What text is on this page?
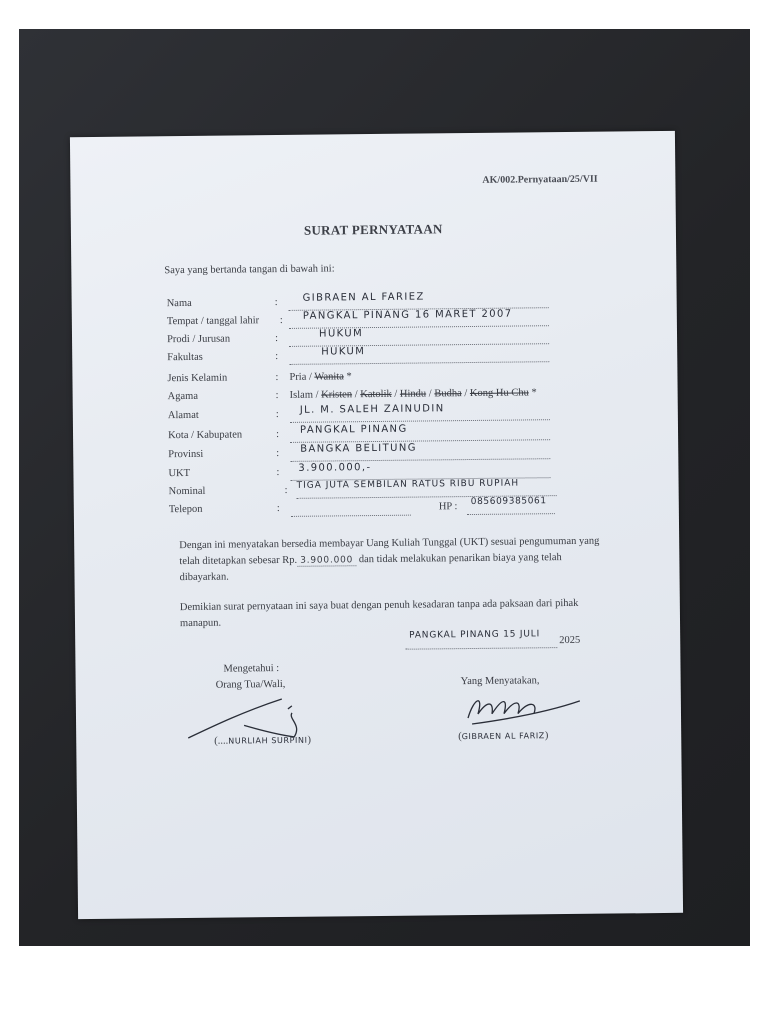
AK/002.Pernyataan/25/VII
SURAT PERNYATAAN
Saya yang bertanda tangan di bawah ini:
Nama	: GIBRAEN AL FARIEZ
Tempat / tanggal lahir : PANGKAL PINANG 16 MARET 2007
Prodi / Jurusan	:	HUKUM
Fakultas	:	HUKUM
Jenis Kelamin	: Pria / Wanita *
Agama	: Islam / Kristen / Katolik / Hindu / Budha / Kong Hu Chu *
Alamat	: JL. M. SALEH ZAINUDIN
Kota / Kabupaten	: PANGKAL PINANG
Provinsi	: BANGKA BELITUNG
UKT	: 3.900.000,-
Nominal	: TIGA JUTA SEMBILAN RATUS RIBU RUPIAH
Telepon	:	HP : 085609385061
Dengan ini menyatakan bersedia membayar Uang Kuliah Tunggal (UKT) sesuai pengumuman yang telah ditetapkan sebesar Rp. 3.900.000 dan tidak melakukan penarikan biaya yang telah dibayarkan.
Demikian surat pernyataan ini saya buat dengan penuh kesadaran tanpa ada paksaan dari pihak manapun.
PANGKAL PINANG 15 JULI 2025
Mengetahui :
Orang Tua/Wali,
(....NURLIAH SURPINI)
Yang Menyatakan,
(GIBRAEN AL FARIZ)
